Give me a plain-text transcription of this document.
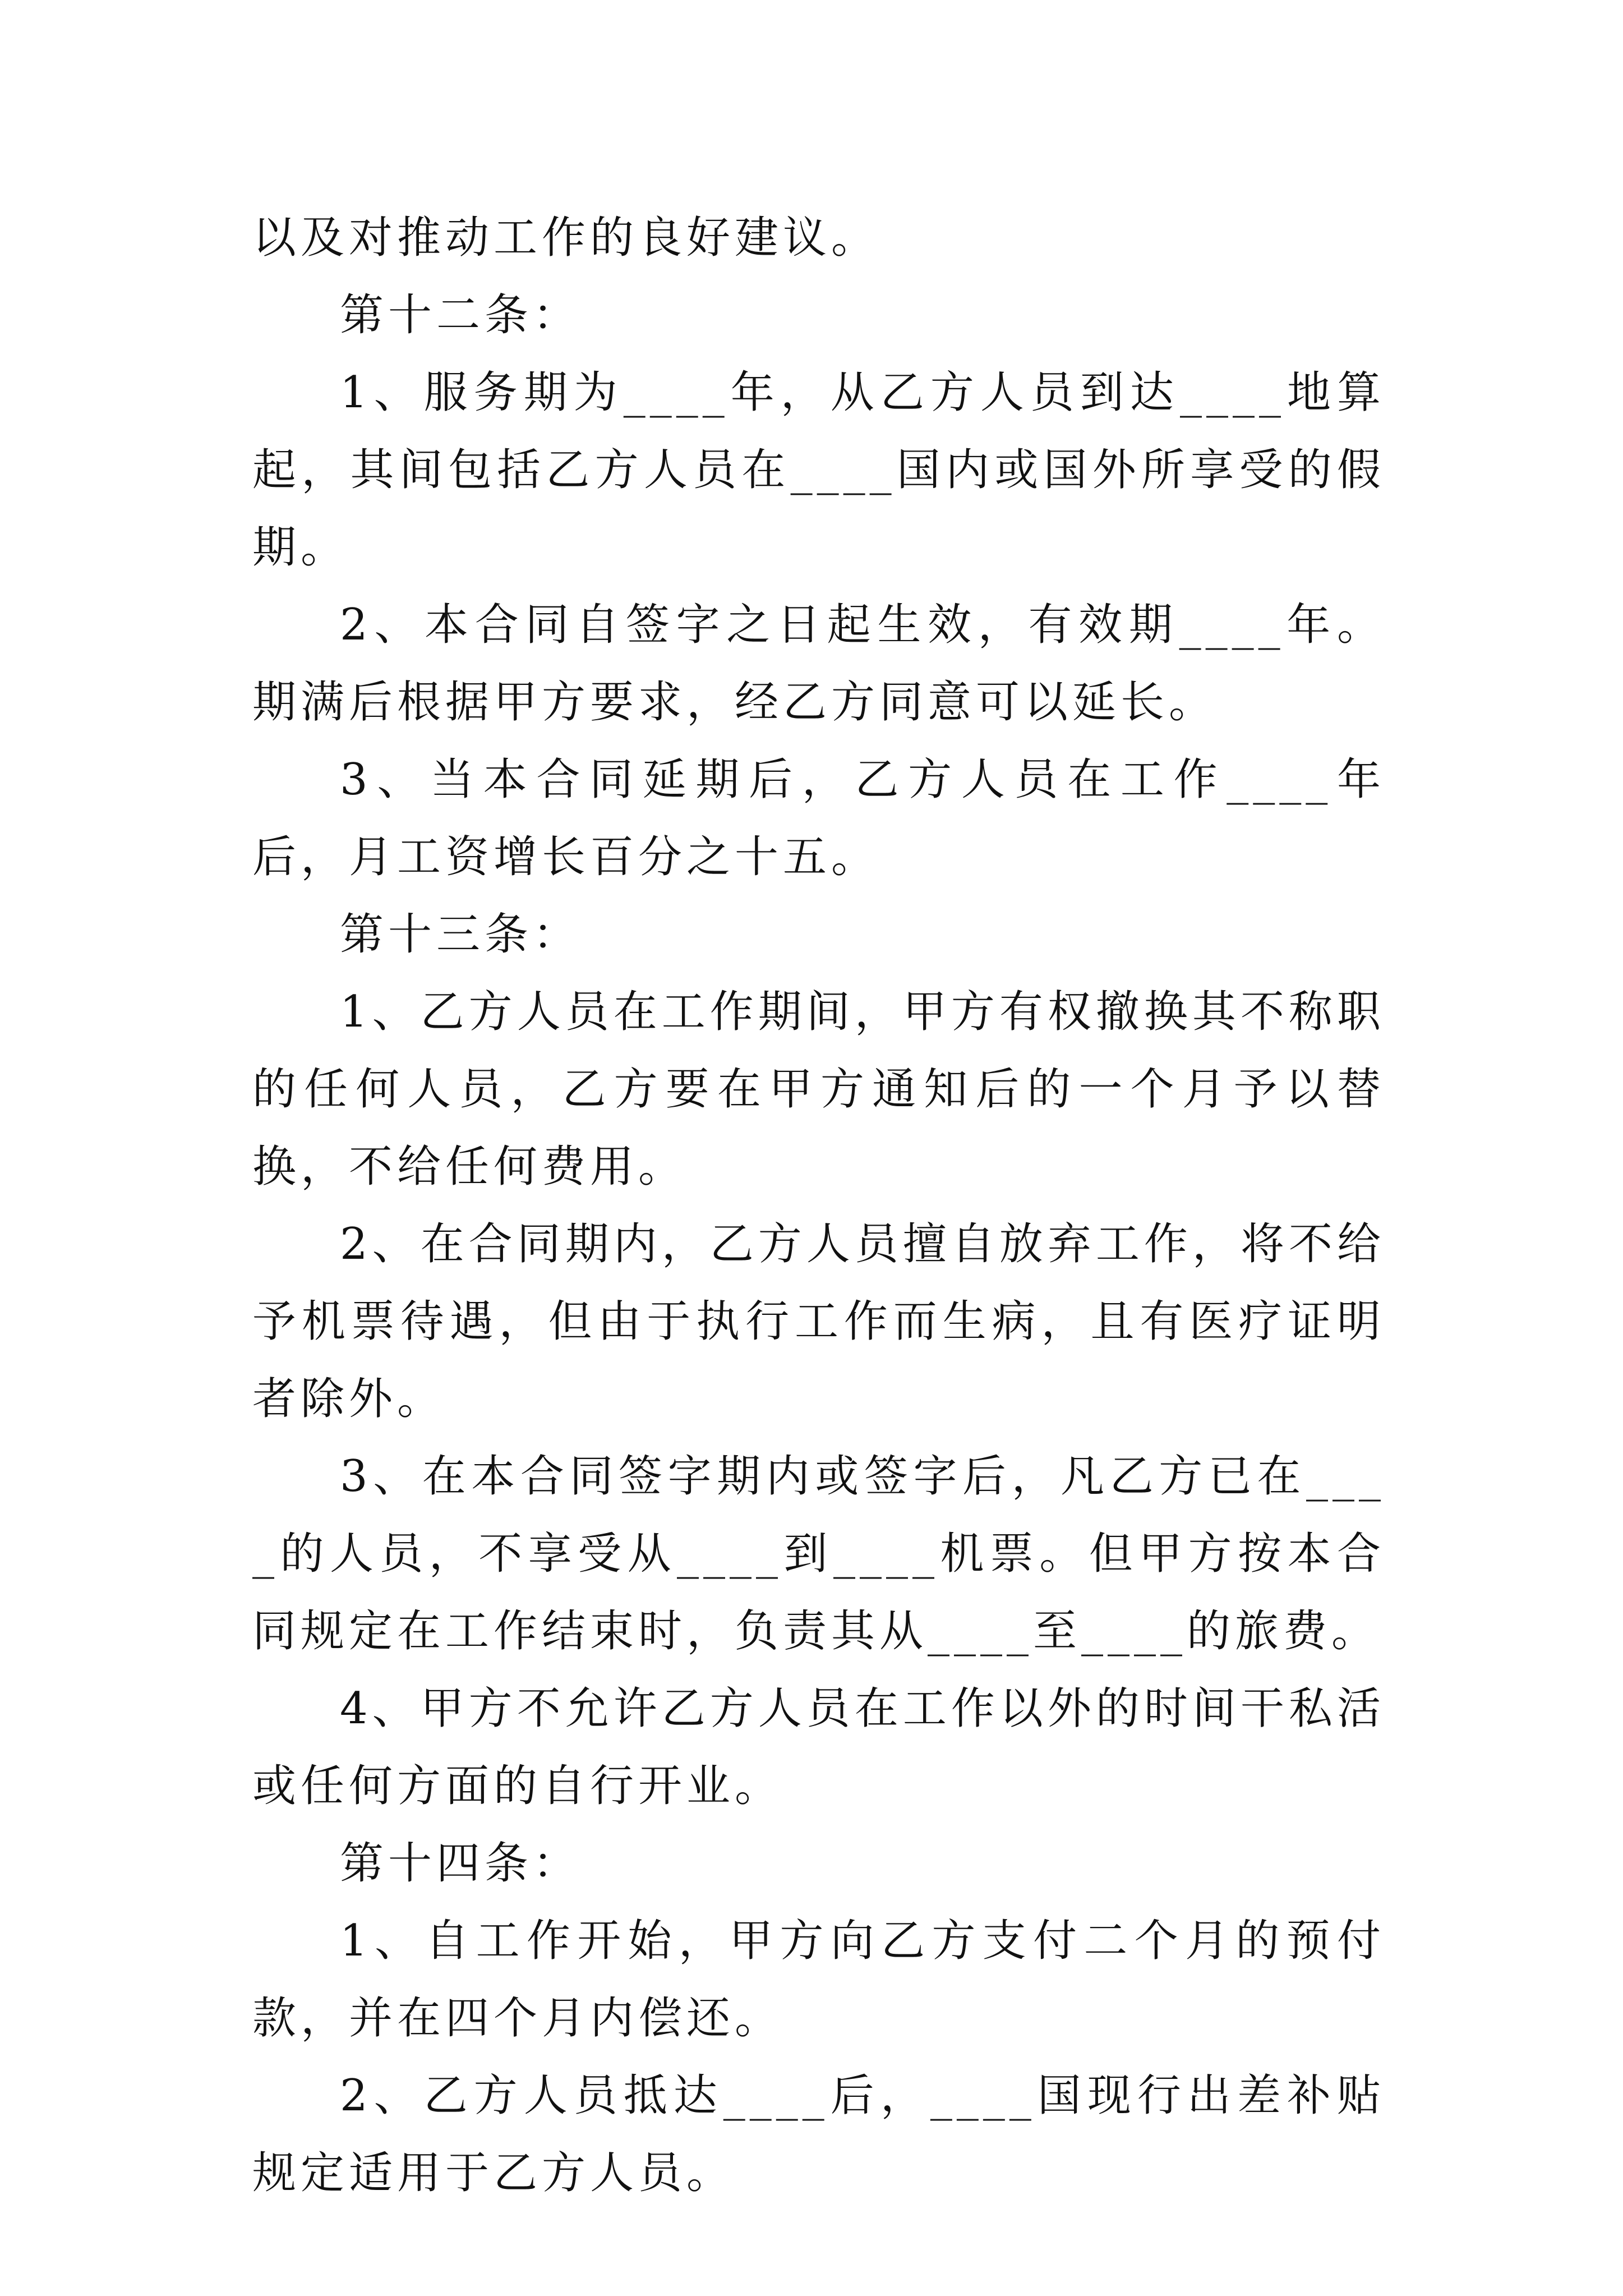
以及对推动工作的良好建议。

第十二条：

1、服务期为____年，从乙方人员到达____地算起，其间包括乙方人员在____国内或国外所享受的假期。

2、本合同自签字之日起生效，有效期____年。期满后根据甲方要求，经乙方同意可以延长。

3、当本合同延期后，乙方人员在工作____年后，月工资增长百分之十五。

第十三条：

1、乙方人员在工作期间，甲方有权撤换其不称职的任何人员，乙方要在甲方通知后的一个月予以替换，不给任何费用。

2、在合同期内，乙方人员擅自放弃工作，将不给予机票待遇，但由于执行工作而生病，且有医疗证明者除外。

3、在本合同签字期内或签字后，凡乙方已在____的人员，不享受从____到____机票。但甲方按本合同规定在工作结束时，负责其从____至____的旅费。

4、甲方不允许乙方人员在工作以外的时间干私活或任何方面的自行开业。

第十四条：

1、自工作开始，甲方向乙方支付二个月的预付款，并在四个月内偿还。

2、乙方人员抵达____后，____国现行出差补贴规定适用于乙方人员。
